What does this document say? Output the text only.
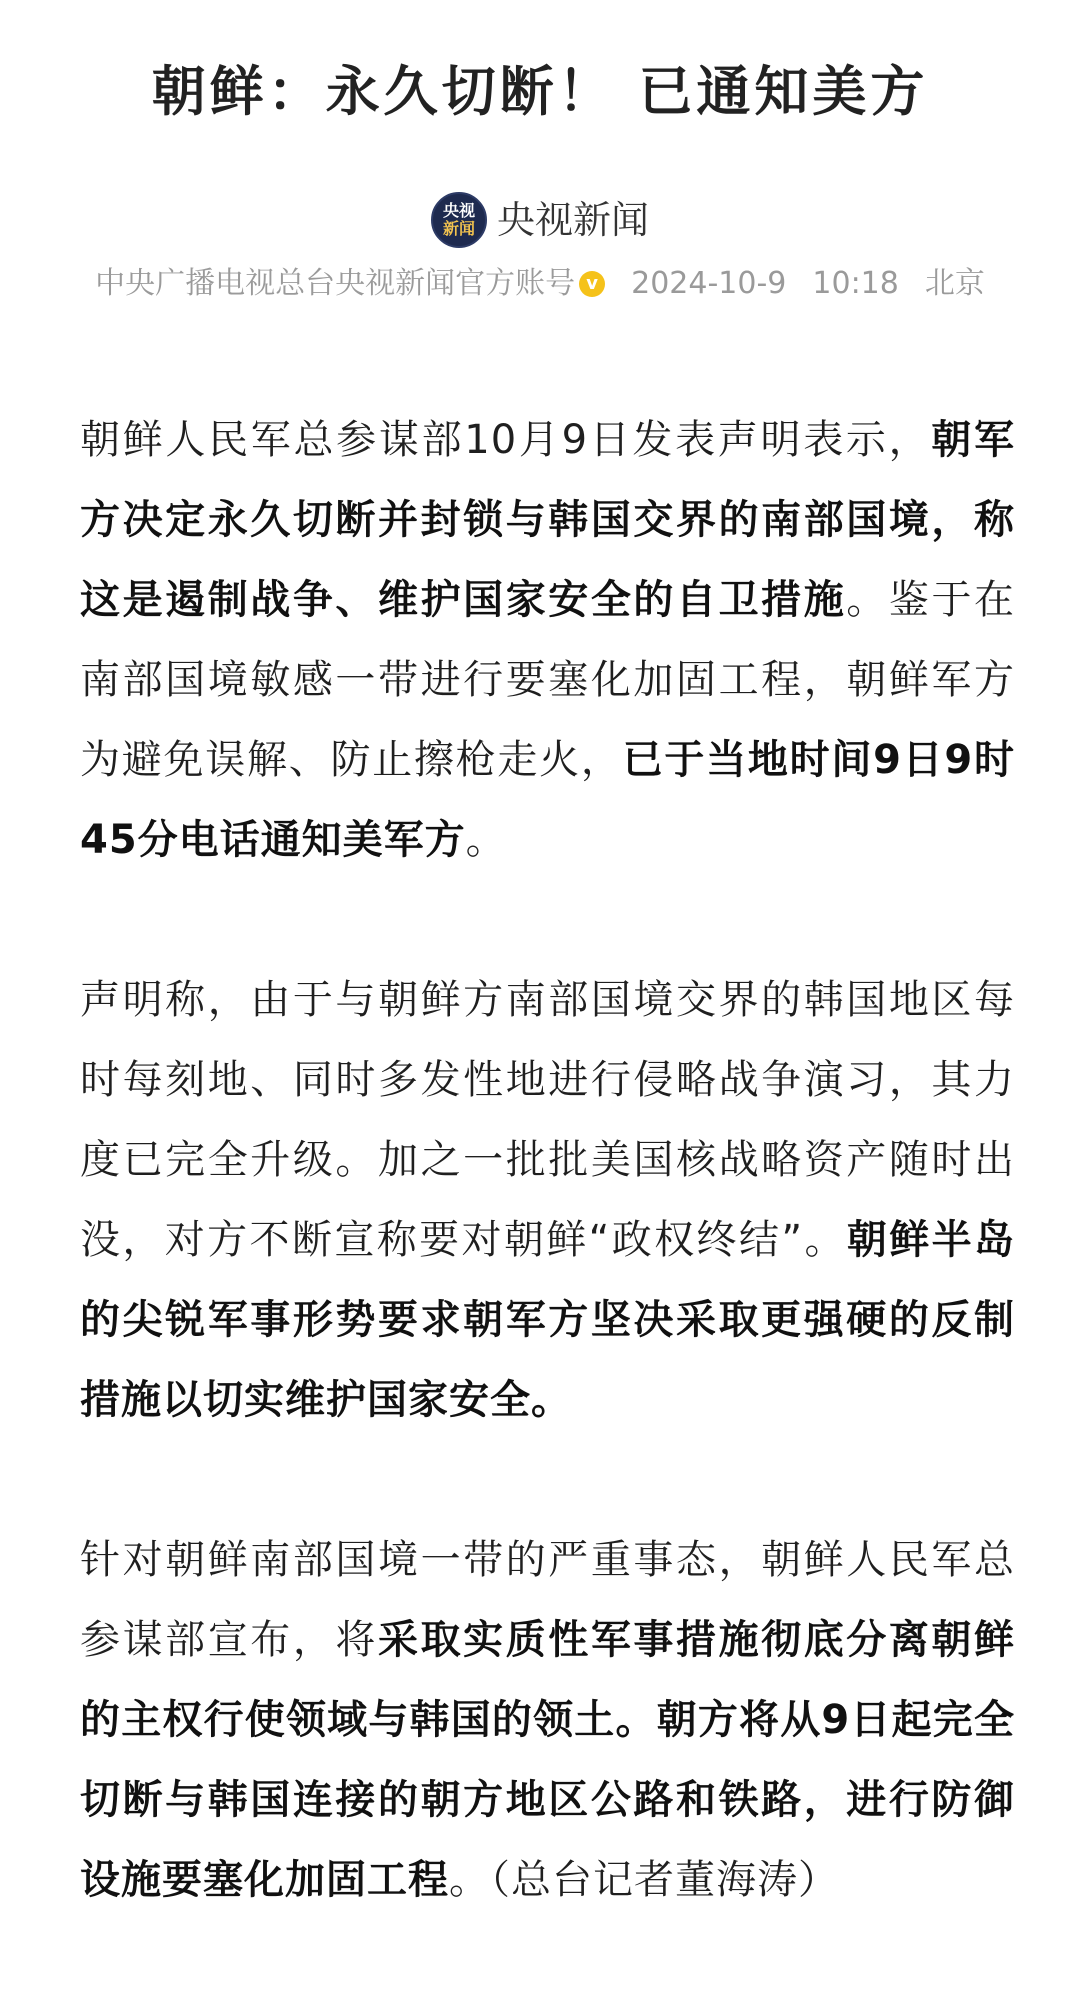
朝鲜：永久切断！ 已通知美方
央视
新闻 央视新闻
中央广播电视总台央视新闻官方账号 v 2024-10-9 10:18 北京

朝鲜人民军总参谋部10月9日发表声明表示，朝军方决定永久切断并封锁与韩国交界的南部国境，称这是遏制战争、维护国家安全的自卫措施。鉴于在南部国境敏感一带进行要塞化加固工程，朝鲜军方为避免误解、防止擦枪走火，已于当地时间9日9时45分电话通知美军方。

声明称，由于与朝鲜方南部国境交界的韩国地区每时每刻地、同时多发性地进行侵略战争演习，其力度已完全升级。加之一批批美国核战略资产随时出没，对方不断宣称要对朝鲜“政权终结”。朝鲜半岛的尖锐军事形势要求朝军方坚决采取更强硬的反制措施以切实维护国家安全。

针对朝鲜南部国境一带的严重事态，朝鲜人民军总参谋部宣布，将采取实质性军事措施彻底分离朝鲜的主权行使领域与韩国的领土。朝方将从9日起完全切断与韩国连接的朝方地区公路和铁路，进行防御设施要塞化加固工程。（总台记者董海涛）
